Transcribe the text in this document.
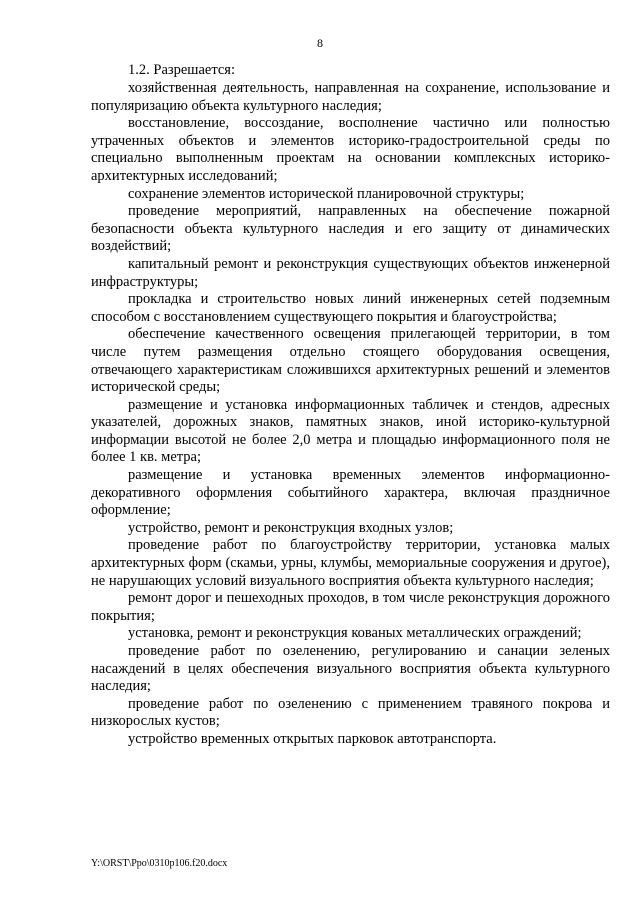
8
1.2. Разрешается:

хозяйственная деятельность, направленная на сохранение, использование и популяризацию объекта культурного наследия;

восстановление, воссоздание, восполнение частично или полностью утраченных объектов и элементов историко-градостроительной среды по специально выполненным проектам на основании комплексных историко-архитектурных исследований;

сохранение элементов исторической планировочной структуры;

проведение мероприятий, направленных на обеспечение пожарной безопасности объекта культурного наследия и его защиту от динамических воздействий;

капитальный ремонт и реконструкция существующих объектов инженерной инфраструктуры;

прокладка и строительство новых линий инженерных сетей подземным способом с восстановлением существующего покрытия и благоустройства;

обеспечение качественного освещения прилегающей территории, в том числе путем размещения отдельно стоящего оборудования освещения, отвечающего характеристикам сложившихся архитектурных решений и элементов исторической среды;

размещение и установка информационных табличек и стендов, адресных указателей, дорожных знаков, памятных знаков, иной историко-культурной информации высотой не более 2,0 метра и площадью информационного поля не более 1 кв. метра;

размещение и установка временных элементов информационно-декоративного оформления событийного характера, включая праздничное оформление;

устройство, ремонт и реконструкция входных узлов;

проведение работ по благоустройству территории, установка малых архитектурных форм (скамьи, урны, клумбы, мемориальные сооружения и другое), не нарушающих условий визуального восприятия объекта культурного наследия;

ремонт дорог и пешеходных проходов, в том числе реконструкция дорожного покрытия;

установка, ремонт и реконструкция кованых металлических ограждений;

проведение работ по озеленению, регулированию и санации зеленых насаждений в целях обеспечения визуального восприятия объекта культурного наследия;

проведение работ по озеленению с применением травяного покрова и низкорослых кустов;

устройство временных открытых парковок автотранспорта.

Y:\ORST\Ppo\0310p106.f20.docx
